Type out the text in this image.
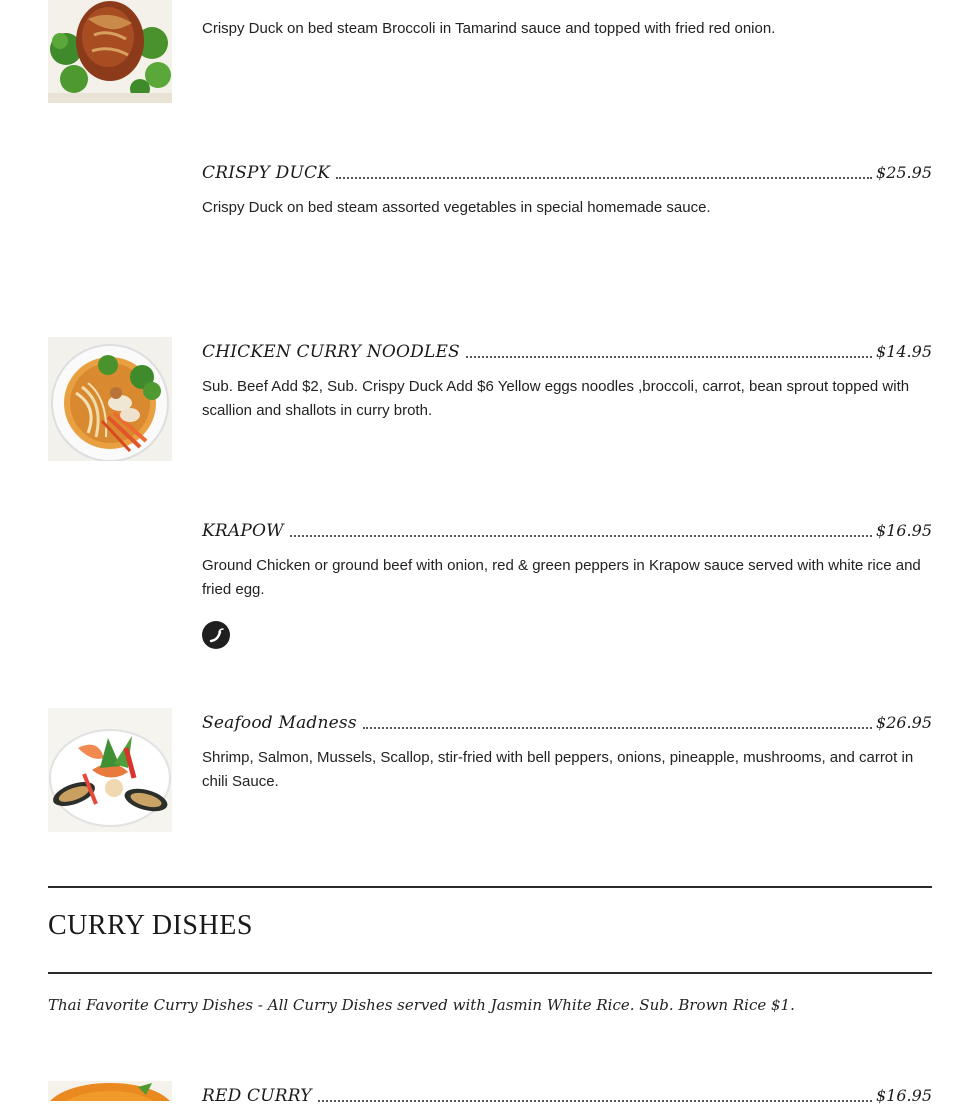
Crispy Duck on bed steam Broccoli in Tamarind sauce and topped with fried red onion.
CRISPY DUCK	$25.95
Crispy Duck on bed steam assorted vegetables in special homemade sauce.
CHICKEN CURRY NOODLES	$14.95
Sub. Beef Add $2, Sub. Crispy Duck Add $6 Yellow eggs noodles ,broccoli, carrot, bean sprout topped with scallion and shallots in curry broth.
KRAPOW	$16.95
Ground Chicken or ground beef with onion, red & green peppers in Krapow sauce served with white rice and fried egg.
Seafood Madness	$26.95
Shrimp, Salmon, Mussels, Scallop, stir-fried with bell peppers, onions, pineapple, mushrooms, and carrot in chili Sauce.
CURRY DISHES
Thai Favorite Curry Dishes - All Curry Dishes served with Jasmin White Rice. Sub. Brown Rice $1.
RED CURRY	$16.95
